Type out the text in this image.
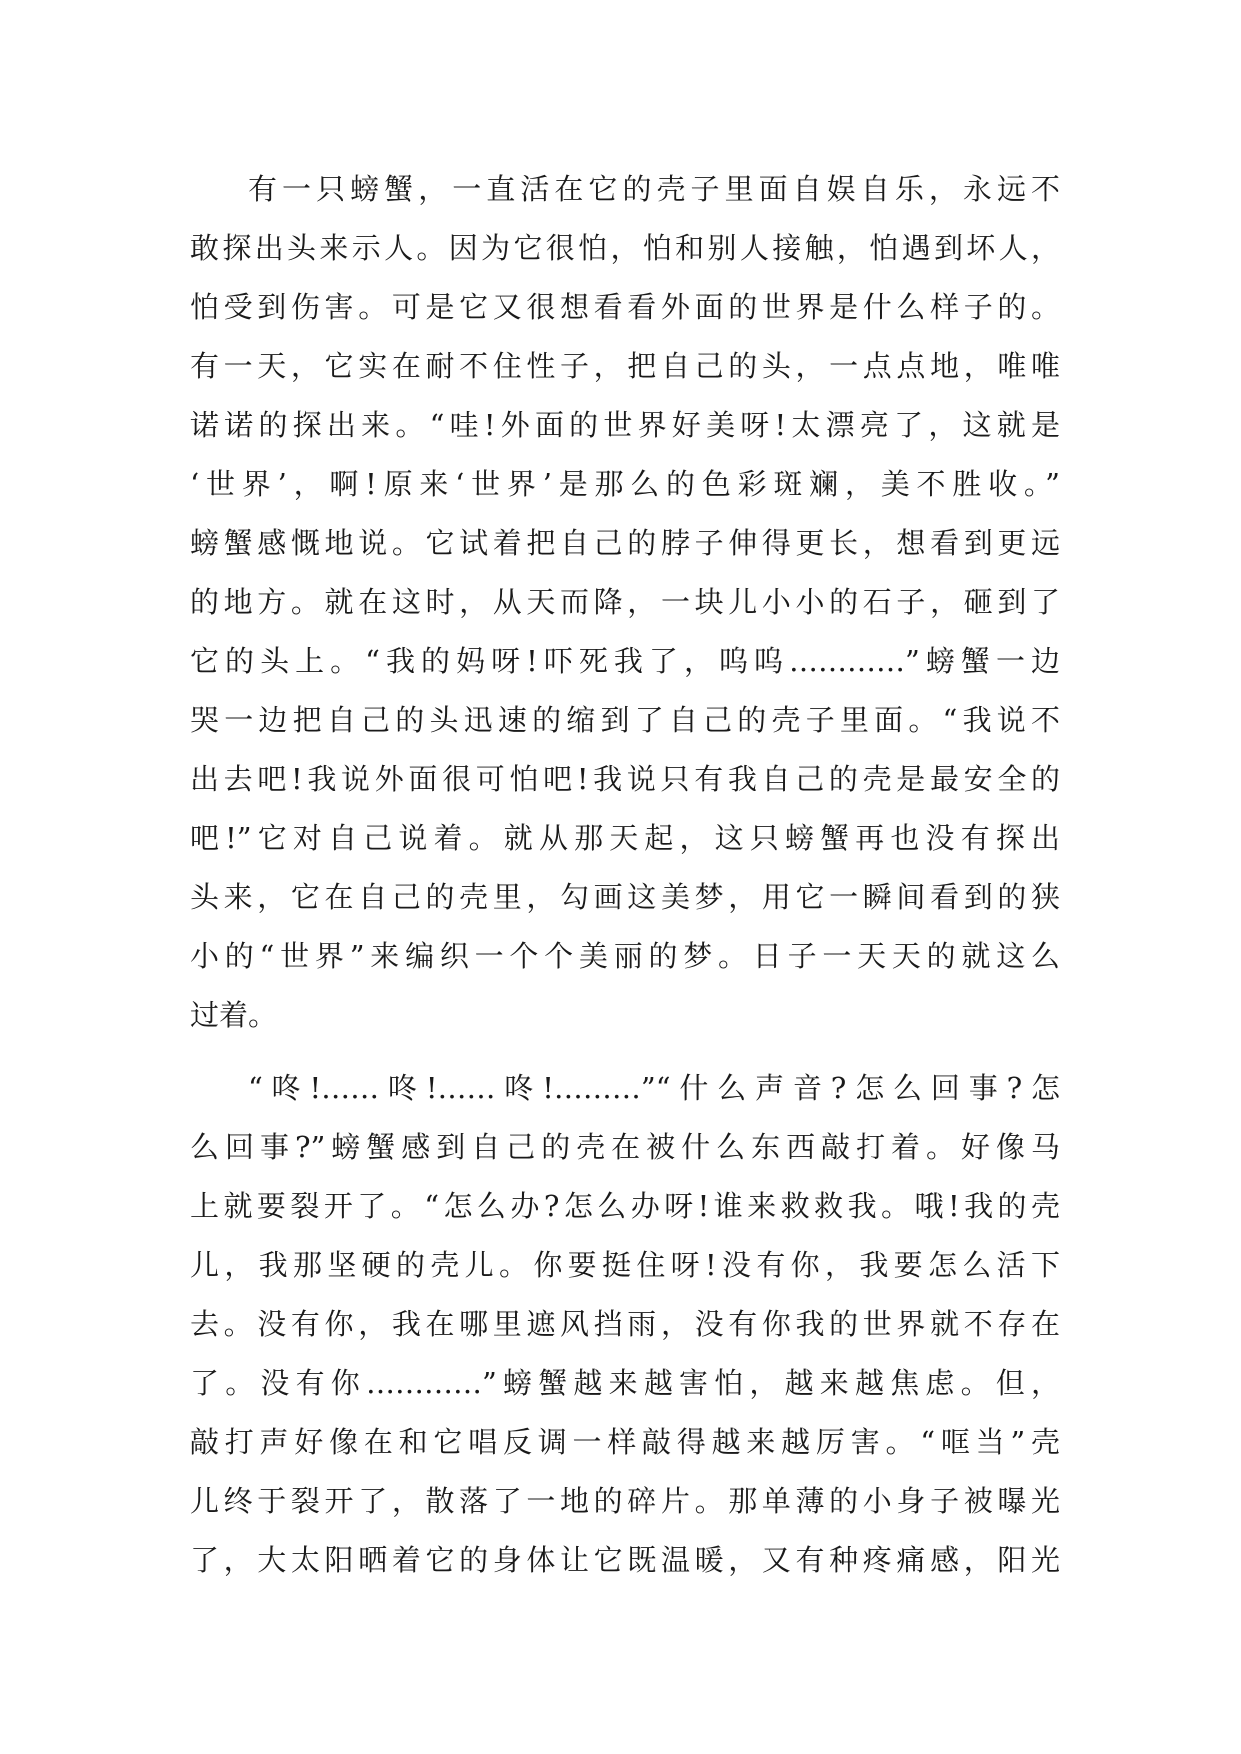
有一只螃蟹，一直活在它的壳子里面自娱自乐，永远不
敢探出头来示人。因为它很怕，怕和别人接触，怕遇到坏人，
怕受到伤害。可是它又很想看看外面的世界是什么样子的。
有一天，它实在耐不住性子，把自己的头，一点点地，唯唯
诺诺的探出来。“哇!外面的世界好美呀!太漂亮了，这就是
‘世界’，啊!原来‘世界’是那么的色彩斑斓，美不胜收。”
螃蟹感慨地说。它试着把自己的脖子伸得更长，想看到更远
的地方。就在这时，从天而降，一块儿小小的石子，砸到了
它的头上。“我的妈呀!吓死我了，呜呜…………”螃蟹一边
哭一边把自己的头迅速的缩到了自己的壳子里面。“我说不
出去吧!我说外面很可怕吧!我说只有我自己的壳是最安全的
吧!”它对自己说着。就从那天起，这只螃蟹再也没有探出
头来，它在自己的壳里，勾画这美梦，用它一瞬间看到的狭
小的“世界”来编织一个个美丽的梦。日子一天天的就这么
过着。
“咚!……咚!……咚!………”“什么声音?怎么回事?怎
么回事?”螃蟹感到自己的壳在被什么东西敲打着。好像马
上就要裂开了。“怎么办?怎么办呀!谁来救救我。哦!我的壳
儿，我那坚硬的壳儿。你要挺住呀!没有你，我要怎么活下
去。没有你，我在哪里遮风挡雨，没有你我的世界就不存在
了。没有你…………”螃蟹越来越害怕，越来越焦虑。但，
敲打声好像在和它唱反调一样敲得越来越厉害。“哐当”壳
儿终于裂开了，散落了一地的碎片。那单薄的小身子被曝光
了，大太阳晒着它的身体让它既温暖，又有种疼痛感，阳光
